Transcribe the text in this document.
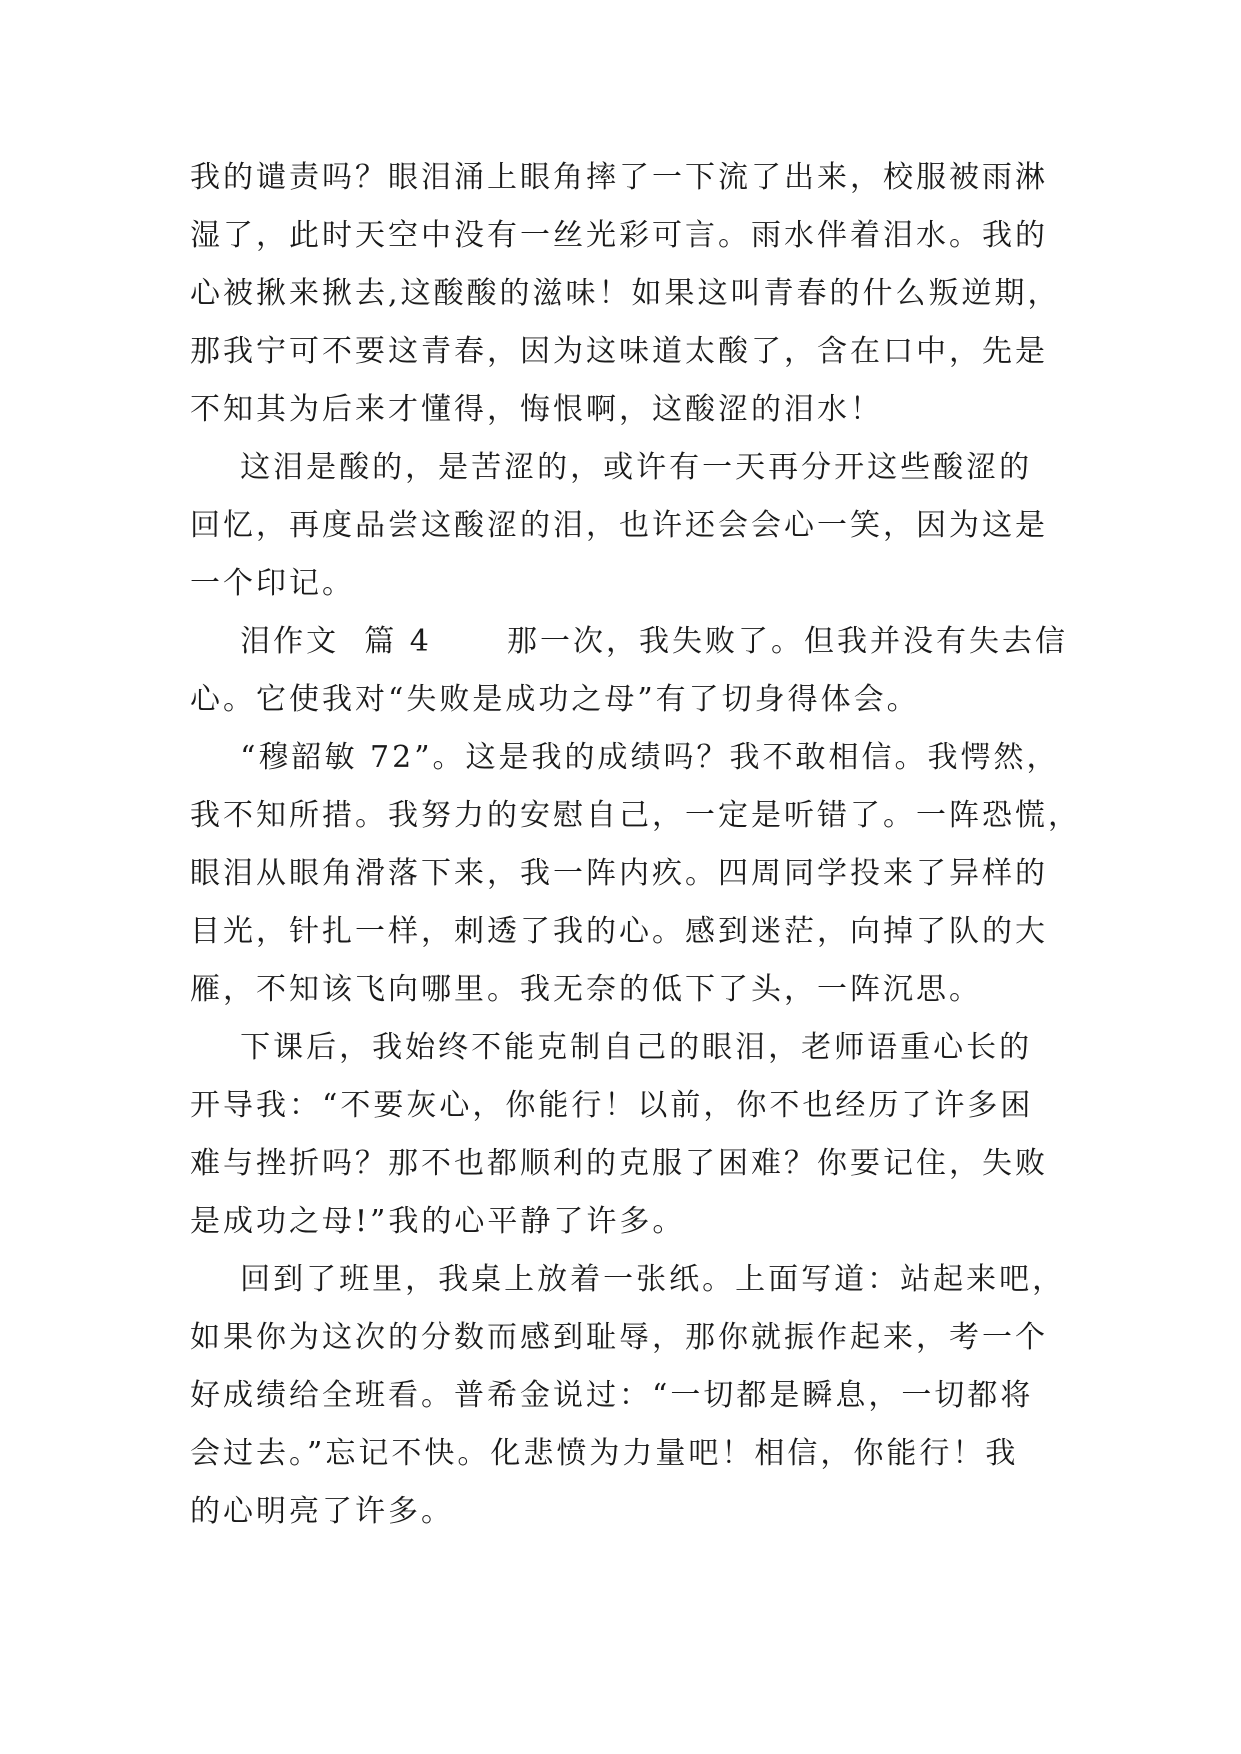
我的谴责吗？眼泪涌上眼角摔了一下流了出来，校服被雨淋
湿了，此时天空中没有一丝光彩可言。雨水伴着泪水。我的
心被揪来揪去,这酸酸的滋味！如果这叫青春的什么叛逆期，
那我宁可不要这青春，因为这味道太酸了，含在口中，先是
不知其为后来才懂得，悔恨啊，这酸涩的泪水！
这泪是酸的，是苦涩的，或许有一天再分开这些酸涩的
回忆，再度品尝这酸涩的泪，也许还会会心一笑，因为这是
一个印记。
泪作文  篇 4      那一次，我失败了。但我并没有失去信
心。它使我对“失败是成功之母”有了切身得体会。
“穆韶敏 72”。这是我的成绩吗？我不敢相信。我愕然，
我不知所措。我努力的安慰自己，一定是听错了。一阵恐慌，
眼泪从眼角滑落下来，我一阵内疚。四周同学投来了异样的
目光，针扎一样，刺透了我的心。感到迷茫，向掉了队的大
雁，不知该飞向哪里。我无奈的低下了头，一阵沉思。
下课后，我始终不能克制自己的眼泪，老师语重心长的
开导我：“不要灰心，你能行！以前，你不也经历了许多困
难与挫折吗？那不也都顺利的克服了困难？你要记住，失败
是成功之母!”我的心平静了许多。
回到了班里，我桌上放着一张纸。上面写道：站起来吧，
如果你为这次的分数而感到耻辱，那你就振作起来，考一个
好成绩给全班看。普希金说过：“一切都是瞬息，一切都将
会过去。”忘记不快。化悲愤为力量吧！相信，你能行！我
的心明亮了许多。
